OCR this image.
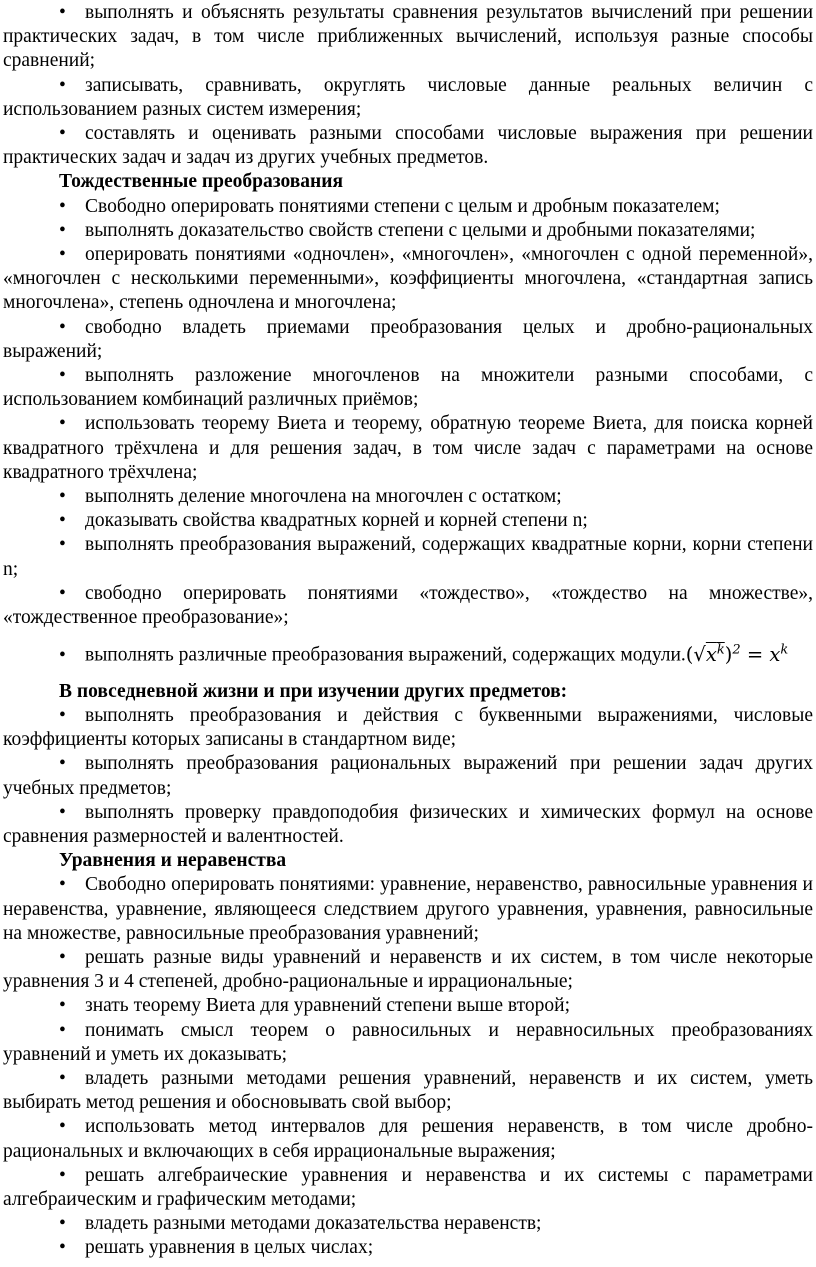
• выполнять и объяснять результаты сравнения результатов вычислений при решении практических задач, в том числе приближенных вычислений, используя разные способы сравнений;

• записывать, сравнивать, округлять числовые данные реальных величин с использованием разных систем измерения;

• составлять и оценивать разными способами числовые выражения при решении практических задач и задач из других учебных предметов.

Тождественные преобразования

• Свободно оперировать понятиями степени с целым и дробным показателем;

• выполнять доказательство свойств степени с целыми и дробными показателями;

• оперировать понятиями «одночлен», «многочлен», «многочлен с одной переменной», «многочлен с несколькими переменными», коэффициенты многочлена, «стандартная запись многочлена», степень одночлена и многочлена;

• свободно владеть приемами преобразования целых и дробно-рациональных выражений;

• выполнять разложение многочленов на множители разными способами, с использованием комбинаций различных приёмов;

• использовать теорему Виета и теорему, обратную теореме Виета, для поиска корней квадратного трёхчлена и для решения задач, в том числе задач с параметрами на основе квадратного трёхчлена;

• выполнять деление многочлена на многочлен с остатком;

• доказывать свойства квадратных корней и корней степени n;

• выполнять преобразования выражений, содержащих квадратные корни, корни степени n;

• свободно оперировать понятиями «тождество», «тождество на множестве», «тождественное преобразование»;

• выполнять различные преобразования выражений, содержащих $модули.(√x^k)^2 = x^k$

В повседневной жизни и при изучении других предметов:

• выполнять преобразования и действия с буквенными выражениями, числовые коэффициенты которых записаны в стандартном виде;

• выполнять преобразования рациональных выражений при решении задач других учебных предметов;

• выполнять проверку правдоподобия физических и химических формул на основе сравнения размерностей и валентностей.

Уравнения и неравенства

• Свободно оперировать понятиями: уравнение, неравенство, равносильные уравнения и неравенства, уравнение, являющееся следствием другого уравнения, уравнения, равносильные на множестве, равносильные преобразования уравнений;

• решать разные виды уравнений и неравенств и их систем, в том числе некоторые уравнения 3 и 4 степеней, дробно-рациональные и иррациональные;

• знать теорему Виета для уравнений степени выше второй;

• понимать смысл теорем о равносильных и неравносильных преобразованиях уравнений и уметь их доказывать;

• владеть разными методами решения уравнений, неравенств и их систем, уметь выбирать метод решения и обосновывать свой выбор;

• использовать метод интервалов для решения неравенств, в том числе дробно-рациональных и включающих в себя иррациональные выражения;

• решать алгебраические уравнения и неравенства и их системы с параметрами алгебраическим и графическим методами;

• владеть разными методами доказательства неравенств;

• решать уравнения в целых числах;
